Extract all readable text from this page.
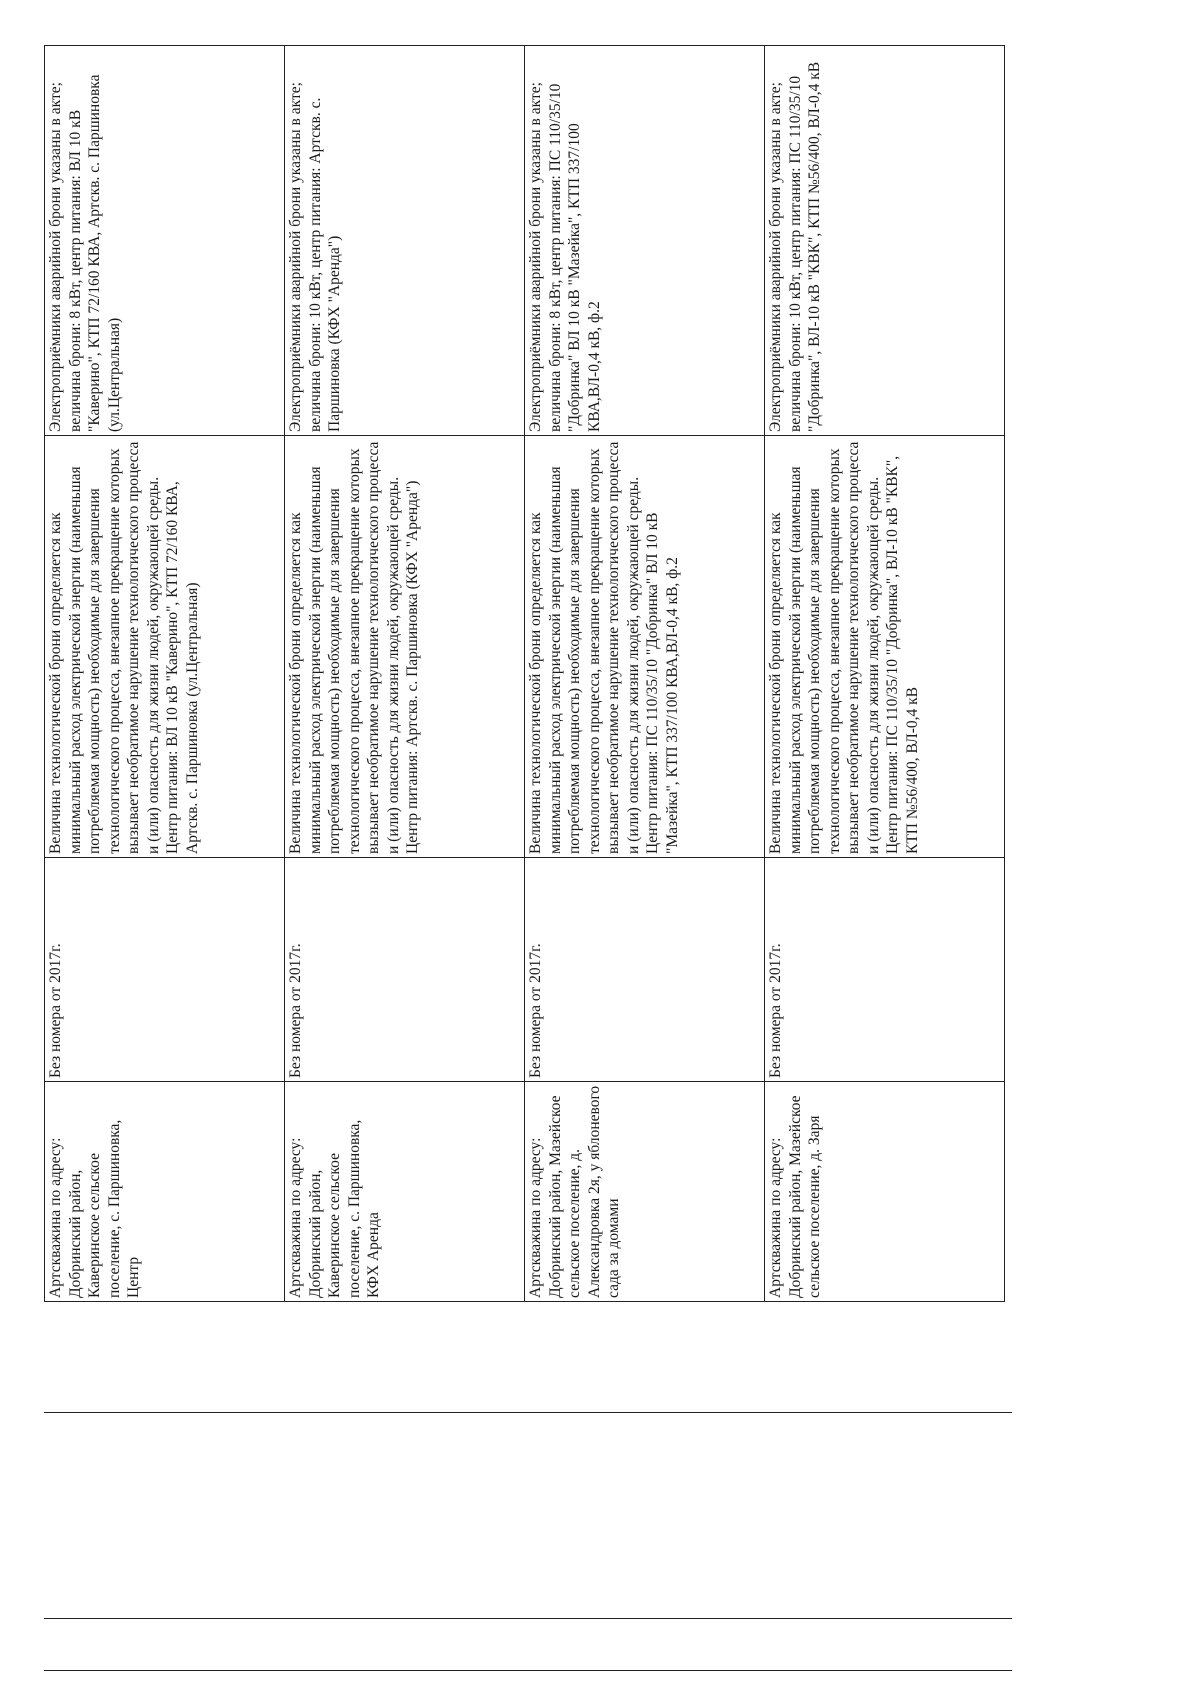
Артскважина по адресу: Добринский район, Каверинское сельское поселение, с. Паршиновка, Центр	Без номера от 2017г.	Величина технологической брони определяется как минимальный расход электрической энергии (наименьшая потребляемая мощность) необходимые для завершения технологического процесса, внезапное прекращение которых вызывает необратимое нарушение технологического процесса и (или) опасность для жизни людей, окружающей среды. Центр питания: ВЛ 10 кВ "Каверино", КТП 72/160 КВА, Артскв. с. Паршиновка (ул.Центральная)	Электроприёмники аварийной брони указаны в акте; величина брони: 8 кВт, центр питания: ВЛ 10 кВ "Каверино", КТП 72/160 КВА, Артскв. с. Паршиновка (ул.Центральная)
Артскважина по адресу: Добринский район, Каверинское сельское поселение, с. Паршиновка, КФХ Аренда	Без номера от 2017г.	Величина технологической брони определяется как минимальный расход электрической энергии (наименьшая потребляемая мощность) необходимые для завершения технологического процесса, внезапное прекращение которых вызывает необратимое нарушение технологического процесса и (или) опасность для жизни людей, окружающей среды. Центр питания: Артскв. с. Паршиновка (КФХ "Аренда")	Электроприёмники аварийной брони указаны в акте; величина брони: 10 кВт, центр питания: Артскв. с. Паршиновка (КФХ "Аренда")
Артскважина по адресу: Добринский район, Мазейское сельское поселение, д. Александровка 2я, у яблоневого сада за домами	Без номера от 2017г.	Величина технологической брони определяется как минимальный расход электрической энергии (наименьшая потребляемая мощность) необходимые для завершения технологического процесса, внезапное прекращение которых вызывает необратимое нарушение технологического процесса и (или) опасность для жизни людей, окружающей среды. Центр питания: ПС 110/35/10 "Добринка" ВЛ 10 кВ "Мазейка", КТП 337/100 КВА,ВЛ-0,4 кВ, ф.2	Электроприёмники аварийной брони указаны в акте; величина брони: 8 кВт, центр питания: ПС 110/35/10 "Добринка" ВЛ 10 кВ "Мазейка", КТП 337/100 КВА,ВЛ-0,4 кВ, ф.2
Артскважина по адресу: Добринский район, Мазейское сельское поселение, д. Заря	Без номера от 2017г.	Величина технологической брони определяется как минимальный расход электрической энергии (наименьшая потребляемая мощность) необходимые для завершения технологического процесса, внезапное прекращение которых вызывает необратимое нарушение технологического процесса и (или) опасность для жизни людей, окружающей среды. Центр питания: ПС 110/35/10 "Добринка", ВЛ-10 кВ "КВК", КТП №56/400, ВЛ-0,4 кВ	Электроприёмники аварийной брони указаны в акте; величина брони: 10 кВт, центр питания: ПС 110/35/10 "Добринка", ВЛ-10 кВ "КВК", КТП №56/400, ВЛ-0,4 кВ
